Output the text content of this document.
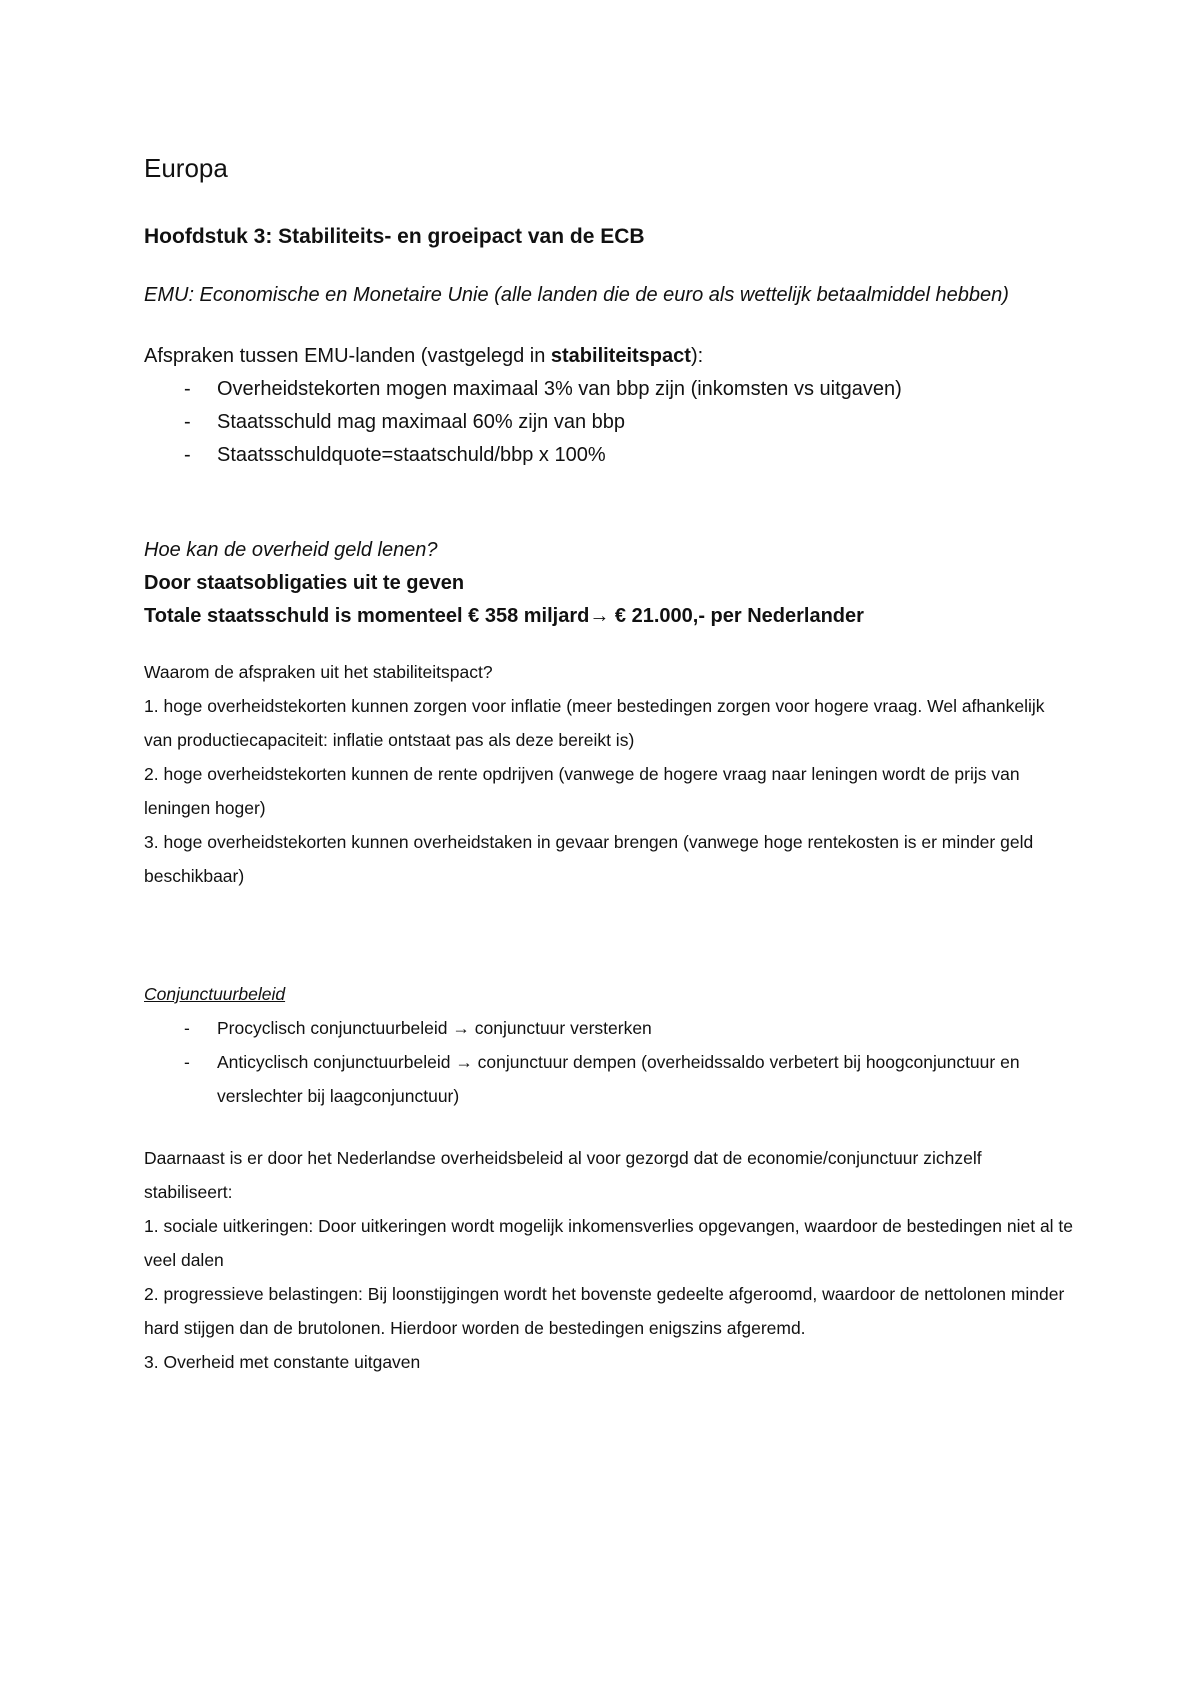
Europa
Hoofdstuk 3: Stabiliteits- en groeipact van de ECB

EMU: Economische en Monetaire Unie (alle landen die de euro als wettelijk betaalmiddel hebben)

Afspraken tussen EMU-landen (vastgelegd in stabiliteitspact):

- Overheidstekorten mogen maximaal 3% van bbp zijn (inkomsten vs uitgaven)
- Staatsschuld mag maximaal 60% zijn van bbp
- Staatsschuldquote=staatschuld/bbp x 100%

Hoe kan de overheid geld lenen?

Door staatsobligaties uit te geven

Totale staatsschuld is momenteel € 358 miljard→ € 21.000,- per Nederlander

Waarom de afspraken uit het stabiliteitspact?

1. hoge overheidstekorten kunnen zorgen voor inflatie (meer bestedingen zorgen voor hogere vraag. Wel afhankelijk van productiecapaciteit: inflatie ontstaat pas als deze bereikt is)

2. hoge overheidstekorten kunnen de rente opdrijven (vanwege de hogere vraag naar leningen wordt de prijs van leningen hoger)

3. hoge overheidstekorten kunnen overheidstaken in gevaar brengen (vanwege hoge rentekosten is er minder geld beschikbaar)

Conjunctuurbeleid

- Procyclisch conjunctuurbeleid → conjunctuur versterken
- Anticyclisch conjunctuurbeleid → conjunctuur dempen (overheidssaldo verbetert bij hoogconjunctuur en verslechter bij laagconjunctuur)

Daarnaast is er door het Nederlandse overheidsbeleid al voor gezorgd dat de economie/conjunctuur zichzelf stabiliseert:

1. sociale uitkeringen: Door uitkeringen wordt mogelijk inkomensverlies opgevangen, waardoor de bestedingen niet al te veel dalen

2. progressieve belastingen: Bij loonstijgingen wordt het bovenste gedeelte afgeroomd, waardoor de nettolonen minder hard stijgen dan de brutolonen. Hierdoor worden de bestedingen enigszins afgeremd.

3. Overheid met constante uitgaven
